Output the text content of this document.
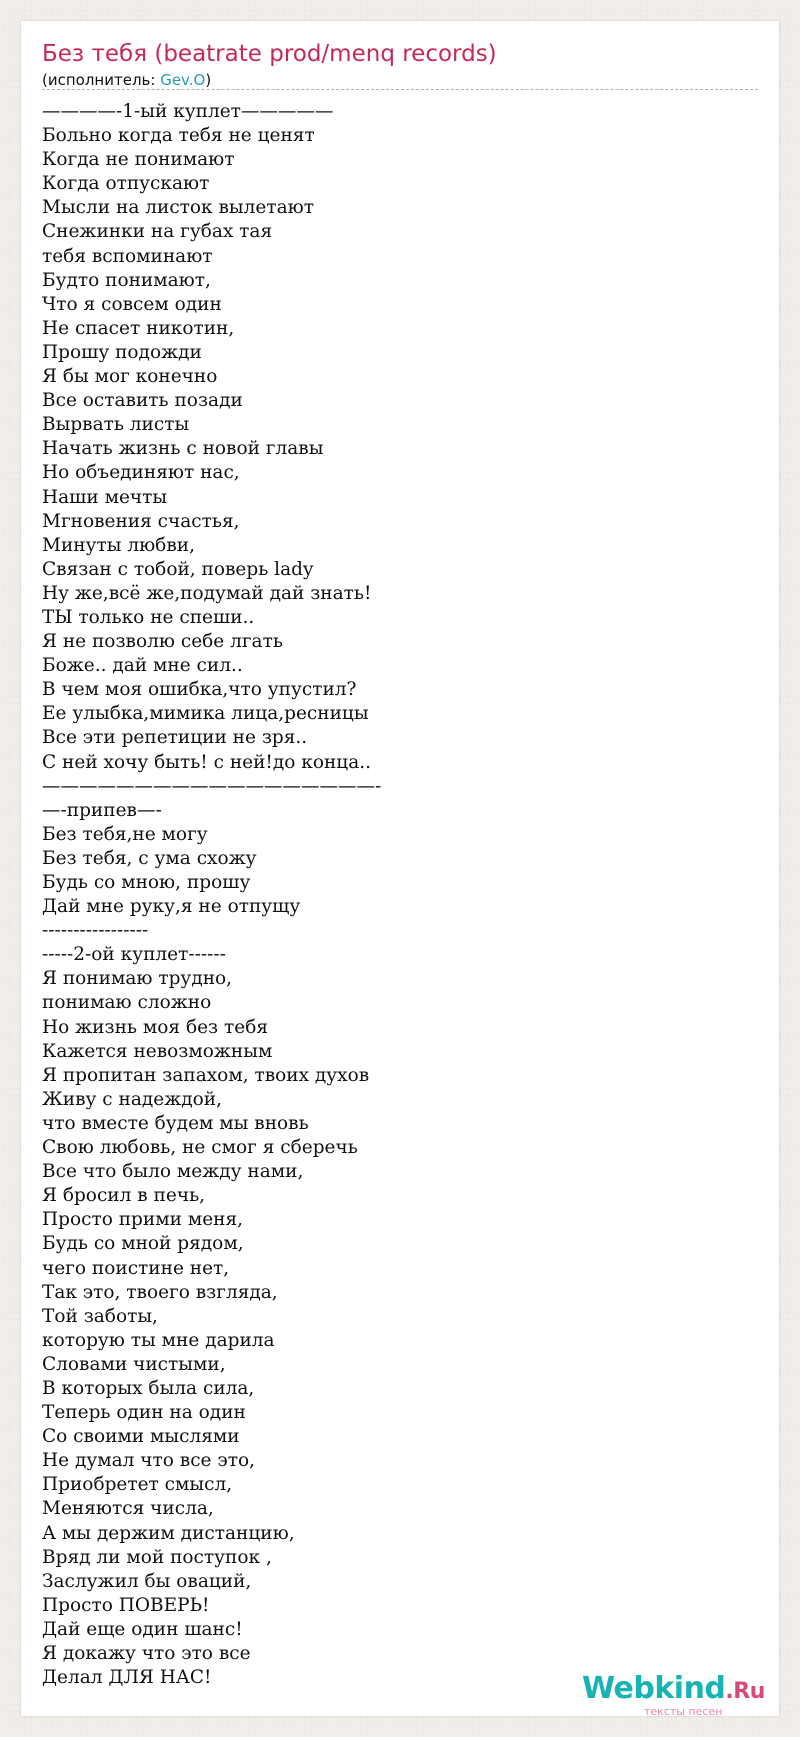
Без тебя (beatrate prod/menq records)
(исполнитель: Gev.O)
————-1-ый куплет—————
Больно когда тебя не ценят
Когда не понимают
Когда отпускают
Мысли на листок вылетают
Снежинки на губах тая
тебя вспоминают
Будто понимают,
Что я совсем один
Не спасет никотин,
Прошу подожди
Я бы мог конечно
Все оставить позади
Вырвать листы
Начать жизнь с новой главы
Но объединяют нас,
Наши мечты
Мгновения счастья,
Минуты любви,
Связан с тобой, поверь lady
Ну же,всё же,подумай дай знать!
ТЫ только не спеши..
Я не позволю себе лгать
Боже.. дай мне сил..
В чем моя ошибка,что упустил?
Ее улыбка,мимика лица,ресницы
Все эти репетиции не зря..
С ней хочу быть! с ней!до конца..
——————————————————-
—-припев—-
Без тебя,не могу
Без тебя, с ума схожу
Будь со мною, прошу
Дай мне руку,я не отпущу
-----------------
-----2-ой куплет------
Я понимаю трудно,
понимаю сложно
Но жизнь моя без тебя
Кажется невозможным
Я пропитан запахом, твоих духов
Живу с надеждой,
что вместе будем мы вновь
Свою любовь, не смог я сберечь
Все что было между нами,
Я бросил в печь,
Просто прими меня,
Будь со мной рядом,
чего поистине нет,
Так это, твоего взгляда,
Той заботы,
которую ты мне дарила
Словами чистыми,
В которых была сила,
Теперь один на один
Со своими мыслями
Не думал что все это,
Приобретет смысл,
Меняются числа,
А мы держим дистанцию,
Вряд ли мой поступок ,
Заслужил бы оваций,
Просто ПОВЕРЬ!
Дай еще один шанс!
Я докажу что это все
Делал ДЛЯ НАС!	Webkind.Ru
тексты песен
